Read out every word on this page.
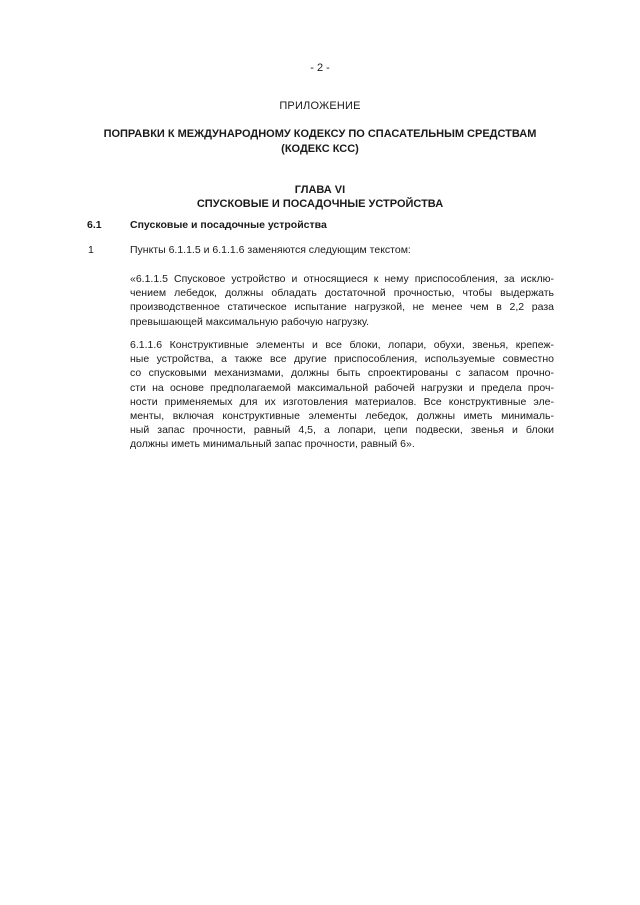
- 2 -
ПРИЛОЖЕНИЕ
ПОПРАВКИ К МЕЖДУНАРОДНОМУ КОДЕКСУ ПО СПАСАТЕЛЬНЫМ СРЕДСТВАМ
(КОДЕКС КСС)
ГЛАВА VI
СПУСКОВЫЕ И ПОСАДОЧНЫЕ УСТРОЙСТВА
6.1	Спусковые и посадочные устройства
1	Пункты 6.1.1.5 и 6.1.1.6 заменяются следующим текстом:
«6.1.1.5 Спусковое устройство и относящиеся к нему приспособления, за исклю-
чением лебедок, должны обладать достаточной прочностью, чтобы выдержать
производственное статическое испытание нагрузкой, не менее чем в 2,2 раза
превышающей максимальную рабочую нагрузку.
6.1.1.6 Конструктивные элементы и все блоки, лопари, обухи, звенья, крепеж-
ные устройства, а также все другие приспособления, используемые совместно
со спусковыми механизмами, должны быть спроектированы с запасом прочно-
сти на основе предполагаемой максимальной рабочей нагрузки и предела проч-
ности применяемых для их изготовления материалов. Все конструктивные эле-
менты, включая конструктивные элементы лебедок, должны иметь минималь-
ный запас прочности, равный 4,5, а лопари, цепи подвески, звенья и блоки
должны иметь минимальный запас прочности, равный 6».
